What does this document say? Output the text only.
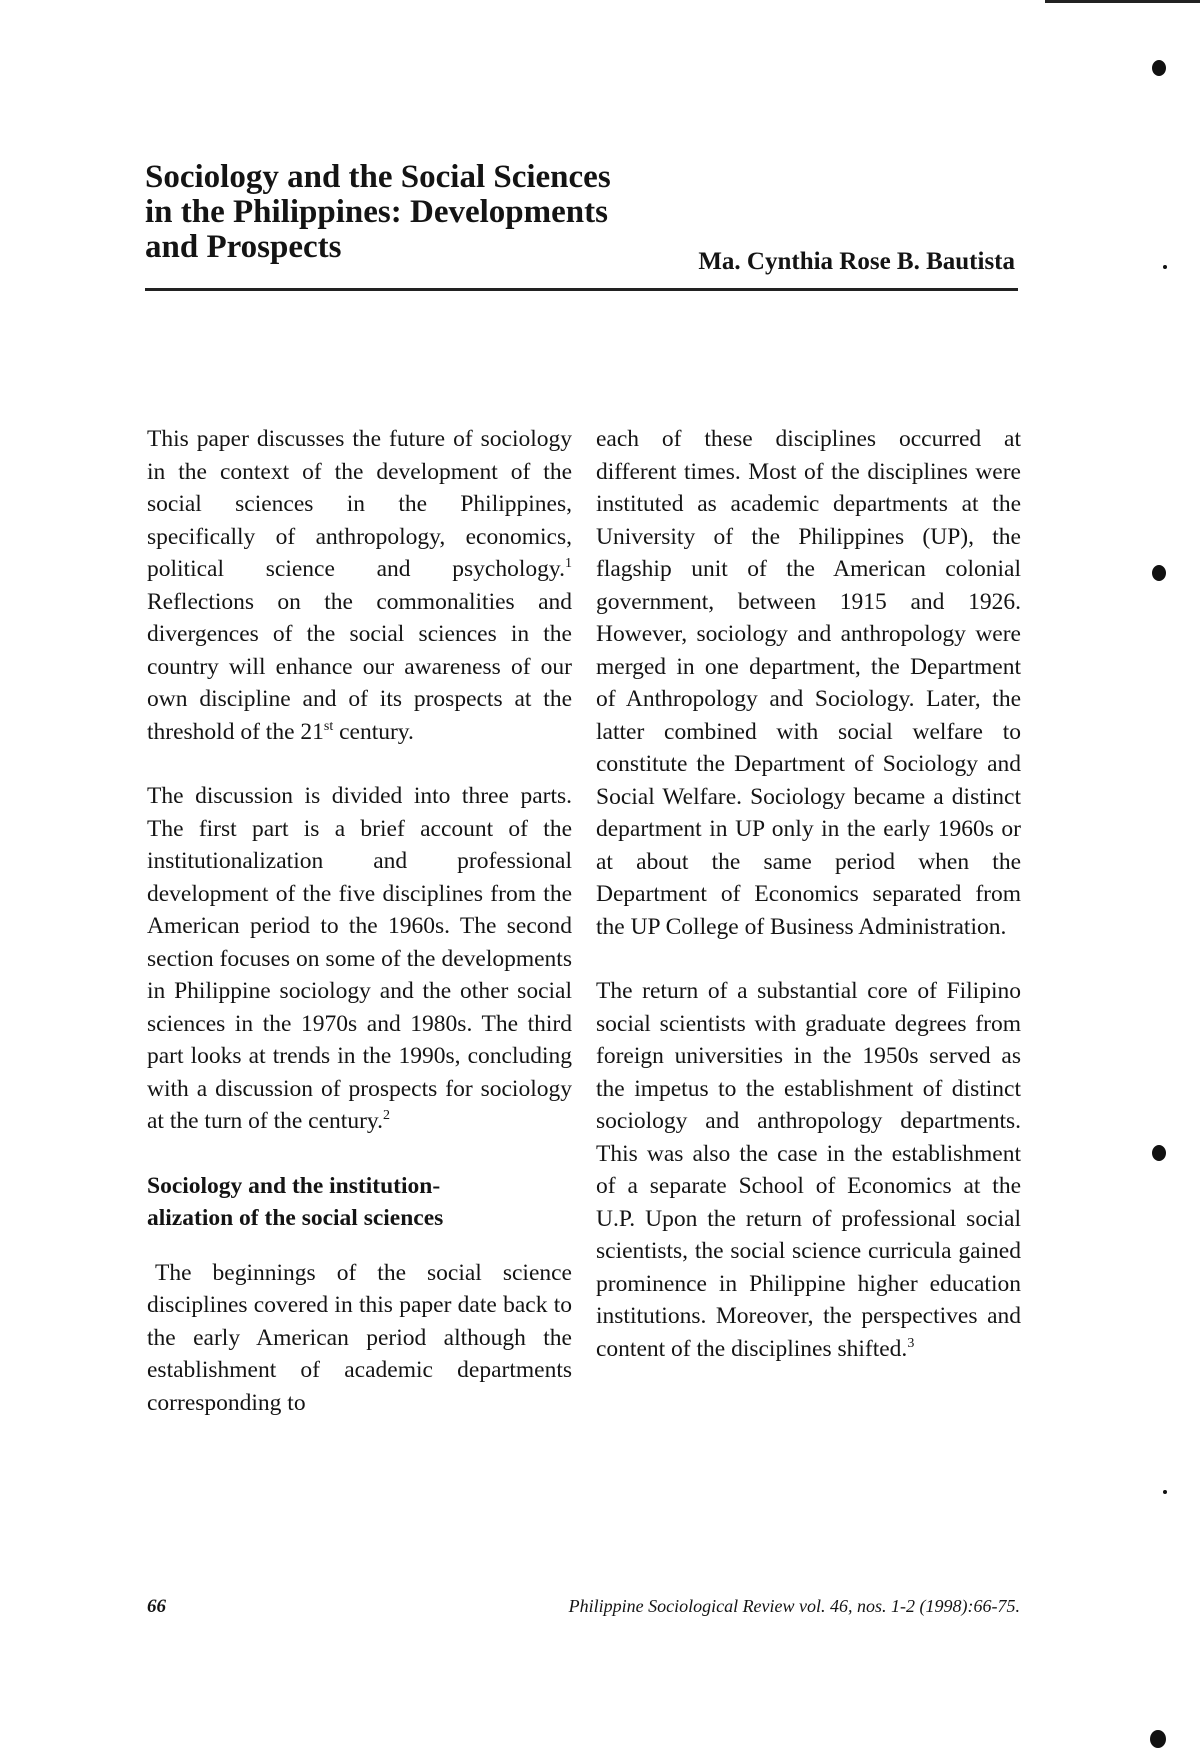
Sociology and the Social Sciences
in the Philippines: Developments
and Prospects	Ma. Cynthia Rose B. Bautista

This paper discusses the future of sociology in the context of the development of the social sciences in the Philippines, specifically of anthropology, economics, political science and psychology.$^1$ Reflections on the commonalities and divergences of the social sciences in the country will enhance our awareness of our own discipline and of its prospects at the threshold of the 21st century.

The discussion is divided into three parts. The first part is a brief account of the institutionalization and professional development of the five disciplines from the American period to the 1960s. The second section focuses on some of the developments in Philippine sociology and the other social sciences in the 1970s and 1980s. The third part looks at trends in the 1990s, concluding with a discussion of prospects for sociology at the turn of the century.$^2$

Sociology and the institution-
alization of the social sciences

The beginnings of the social science disciplines covered in this paper date back to the early American period although the establishment of academic departments corresponding to

each of these disciplines occurred at different times. Most of the disciplines were instituted as academic departments at the University of the Philippines (UP), the flagship unit of the American colonial government, between 1915 and 1926. However, sociology and anthropology were merged in one department, the Department of Anthropology and Sociology. Later, the latter combined with social welfare to constitute the Department of Sociology and Social Welfare. Sociology became a distinct department in UP only in the early 1960s or at about the same period when the Department of Economics separated from the UP College of Business Administration.

The return of a substantial core of Filipino social scientists with graduate degrees from foreign universities in the 1950s served as the impetus to the establishment of distinct sociology and anthropology departments. This was also the case in the establishment of a separate School of Economics at the U.P. Upon the return of professional social scientists, the social science curricula gained prominence in Philippine higher education institutions. Moreover, the perspectives and content of the disciplines shifted.$^3$

66	Philippine Sociological Review vol. 46, nos. 1-2 (1998):66-75.
